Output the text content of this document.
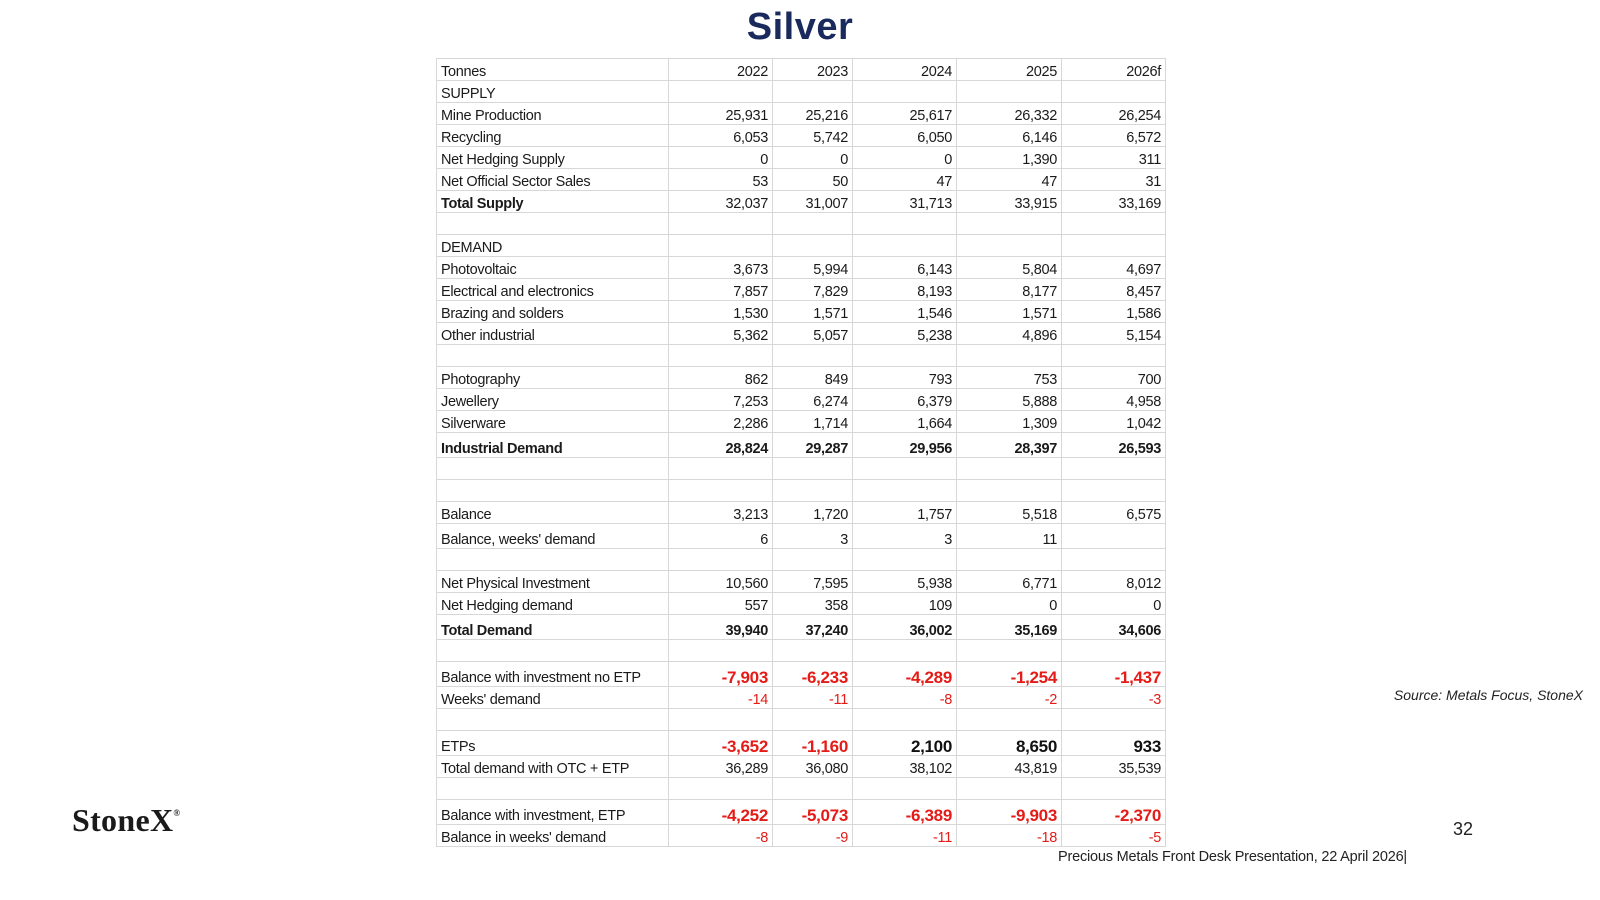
Silver
Tonnes	2022	2023	2024	2025	2026f
SUPPLY					
Mine Production	25,931	25,216	25,617	26,332	26,254
Recycling	6,053	5,742	6,050	6,146	6,572
Net Hedging Supply	0	0	0	1,390	311
Net Official Sector Sales	53	50	47	47	31
Total Supply	32,037	31,007	31,713	33,915	33,169

DEMAND					
Photovoltaic	3,673	5,994	6,143	5,804	4,697
Electrical and electronics	7,857	7,829	8,193	8,177	8,457
Brazing and solders	1,530	1,571	1,546	1,571	1,586
Other industrial	5,362	5,057	5,238	4,896	5,154

Photography	862	849	793	753	700
Jewellery	7,253	6,274	6,379	5,888	4,958
Silverware	2,286	1,714	1,664	1,309	1,042
Industrial Demand	28,824	29,287	29,956	28,397	26,593

Balance	3,213	1,720	1,757	5,518	6,575
Balance, weeks' demand	6	3	3	11	

Net Physical Investment	10,560	7,595	5,938	6,771	8,012
Net Hedging demand	557	358	109	0	0
Total Demand	39,940	37,240	36,002	35,169	34,606

Balance with investment no ETP	-7,903	-6,233	-4,289	-1,254	-1,437
Weeks' demand	-14	-11	-8	-2	-3

ETPs	-3,652	-1,160	2,100	8,650	933
Total demand with OTC + ETP	36,289	36,080	38,102	43,819	35,539

Balance with investment, ETP	-4,252	-5,073	-6,389	-9,903	-2,370
Balance in weeks' demand	-8	-9	-11	-18	-5
Source: Metals Focus, StoneX
StoneX®
32
Precious Metals Front Desk Presentation, 22 April 2026|
